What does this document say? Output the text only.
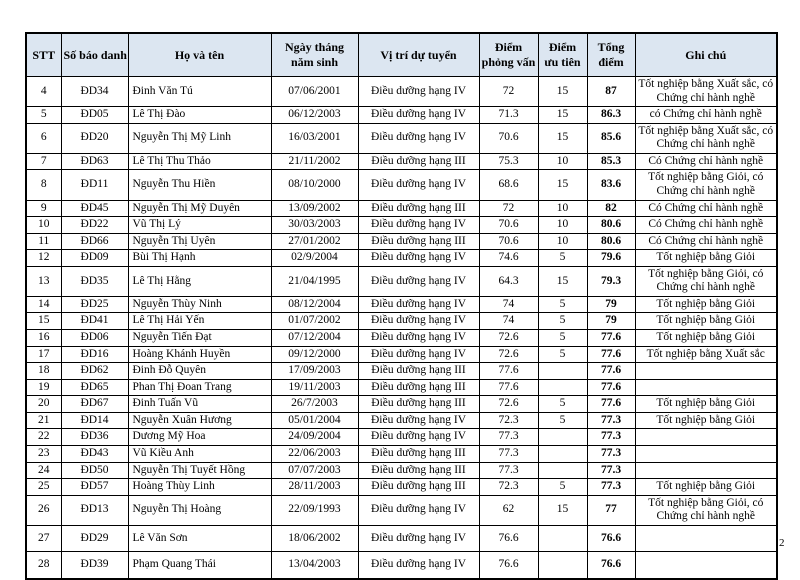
STT	Số báo danh	Họ và tên	Ngày tháng năm sinh	Vị trí dự tuyển	Điểm phỏng vấn	Điểm ưu tiên	Tổng điểm	Ghi chú
4	ĐD34	Đinh Văn Tú	07/06/2001	Điều dưỡng hạng IV	72	15	87	Tốt nghiệp bằng Xuất sắc, có Chứng chỉ hành nghề
5	ĐD05	Lê Thị Đào	06/12/2003	Điều dưỡng hạng IV	71.3	15	86.3	có Chứng chỉ hành nghề
6	ĐD20	Nguyễn Thị Mỹ Linh	16/03/2001	Điều dưỡng hạng IV	70.6	15	85.6	Tốt nghiệp bằng Xuất sắc, có Chứng chỉ hành nghề
7	ĐD63	Lê Thị Thu Thảo	21/11/2002	Điều dưỡng hạng III	75.3	10	85.3	Có Chứng chỉ hành nghề
8	ĐD11	Nguyễn Thu Hiền	08/10/2000	Điều dưỡng hạng IV	68.6	15	83.6	Tốt nghiệp bằng Giỏi, có Chứng chỉ hành nghề
9	ĐD45	Nguyễn Thị Mỹ Duyên	13/09/2002	Điều dưỡng hạng III	72	10	82	Có Chứng chỉ hành nghề
10	ĐD22	Vũ Thị Lý	30/03/2003	Điều dưỡng hạng IV	70.6	10	80.6	Có Chứng chỉ hành nghề
11	ĐD66	Nguyễn Thị Uyên	27/01/2002	Điều dưỡng hạng III	70.6	10	80.6	Có Chứng chỉ hành nghề
12	ĐD09	Bùi Thị Hạnh	02/9/2004	Điều dưỡng hạng IV	74.6	5	79.6	Tốt nghiệp bằng Giỏi
13	ĐD35	Lê Thị Hằng	21/04/1995	Điều dưỡng hạng IV	64.3	15	79.3	Tốt nghiệp bằng Giỏi, có Chứng chỉ hành nghề
14	ĐD25	Nguyễn Thùy Ninh	08/12/2004	Điều dưỡng hạng IV	74	5	79	Tốt nghiệp bằng Giỏi
15	ĐD41	Lê Thị Hải Yến	01/07/2002	Điều dưỡng hạng IV	74	5	79	Tốt nghiệp bằng Giỏi
16	ĐD06	Nguyễn Tiến Đạt	07/12/2004	Điều dưỡng hạng IV	72.6	5	77.6	Tốt nghiệp bằng Giỏi
17	ĐD16	Hoàng Khánh Huyền	09/12/2000	Điều dưỡng hạng IV	72.6	5	77.6	Tốt nghiệp bằng Xuất sắc
18	ĐD62	Đinh Đỗ Quyên	17/09/2003	Điều dưỡng hạng III	77.6		77.6	
19	ĐD65	Phan Thị Đoan Trang	19/11/2003	Điều dưỡng hạng III	77.6		77.6	
20	ĐD67	Đinh Tuấn Vũ	26/7/2003	Điều dưỡng hạng III	72.6	5	77.6	Tốt nghiệp bằng Giỏi
21	ĐD14	Nguyễn Xuân Hương	05/01/2004	Điều dưỡng hạng IV	72.3	5	77.3	Tốt nghiệp bằng Giỏi
22	ĐD36	Dương Mỹ Hoa	24/09/2004	Điều dưỡng hạng IV	77.3		77.3	
23	ĐD43	Vũ Kiều Anh	22/06/2003	Điều dưỡng hạng III	77.3		77.3	
24	ĐD50	Nguyễn Thị Tuyết Hồng	07/07/2003	Điều dưỡng hạng III	77.3		77.3	
25	ĐD57	Hoàng Thùy Linh	28/11/2003	Điều dưỡng hạng III	72.3	5	77.3	Tốt nghiệp bằng Giỏi
26	ĐD13	Nguyễn Thị Hoàng	22/09/1993	Điều dưỡng hạng IV	62	15	77	Tốt nghiệp bằng Giỏi, có Chứng chỉ hành nghề
27	ĐD29	Lê Văn Sơn	18/06/2002	Điều dưỡng hạng IV	76.6		76.6	
28	ĐD39	Phạm Quang Thái	13/04/2003	Điều dưỡng hạng IV	76.6		76.6	
2
